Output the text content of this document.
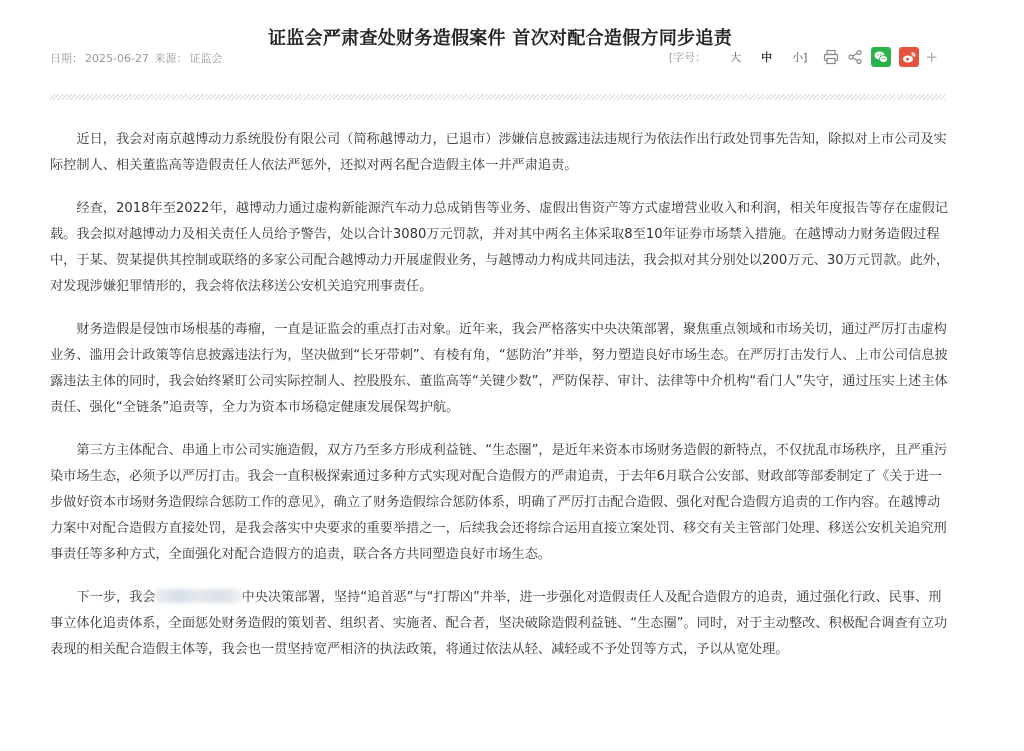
证监会严肃查处财务造假案件 首次对配合造假方同步追责
日期： 2025-06-27 来源： 证监会	[字号： 大 中 小]	+

近日，我会对南京越博动力系统股份有限公司（简称越博动力，已退市）涉嫌信息披露违法违规行为依法作出行政处罚事先告知，除拟对上市公司及实际控制人、相关董监高等造假责任人依法严惩外，还拟对两名配合造假主体一并严肃追责。

经查，2018年至2022年，越博动力通过虚构新能源汽车动力总成销售等业务、虚假出售资产等方式虚增营业收入和利润，相关年度报告等存在虚假记载。我会拟对越博动力及相关责任人员给予警告，处以合计3080万元罚款，并对其中两名主体采取8至10年证券市场禁入措施。在越博动力财务造假过程中，于某、贺某提供其控制或联络的多家公司配合越博动力开展虚假业务，与越博动力构成共同违法，我会拟对其分别处以200万元、30万元罚款。此外，对发现涉嫌犯罪情形的，我会将依法移送公安机关追究刑事责任。

财务造假是侵蚀市场根基的毒瘤，一直是证监会的重点打击对象。近年来，我会严格落实中央决策部署，聚焦重点领域和市场关切，通过严厉打击虚构业务、滥用会计政策等信息披露违法行为，坚决做到“长牙带刺”、有棱有角，“惩防治”并举，努力塑造良好市场生态。在严厉打击发行人、上市公司信息披露违法主体的同时，我会始终紧盯公司实际控制人、控股股东、董监高等“关键少数”，严防保荐、审计、法律等中介机构“看门人”失守，通过压实上述主体责任、强化“全链条”追责等，全力为资本市场稳定健康发展保驾护航。

第三方主体配合、串通上市公司实施造假，双方乃至多方形成利益链、“生态圈”，是近年来资本市场财务造假的新特点，不仅扰乱市场秩序，且严重污染市场生态，必须予以严厉打击。我会一直积极探索通过多种方式实现对配合造假方的严肃追责，于去年6月联合公安部、财政部等部委制定了《关于进一步做好资本市场财务造假综合惩防工作的意见》，确立了财务造假综合惩防体系，明确了严厉打击配合造假、强化对配合造假方追责的工作内容。在越博动力案中对配合造假方直接处罚，是我会落实中央要求的重要举措之一，后续我会还将综合运用直接立案处罚、移交有关主管部门处理、移送公安机关追究刑事责任等多种方式，全面强化对配合造假方的追责，联合各方共同塑造良好市场生态。

下一步，我会	中央决策部署，坚持“追首恶”与“打帮凶”并举，进一步强化对造假责任人及配合造假方的追责，通过强化行政、民事、刑事立体化追责体系，全面惩处财务造假的策划者、组织者、实施者、配合者，坚决破除造假利益链、“生态圈”。同时，对于主动整改、积极配合调查有立功表现的相关配合造假主体等，我会也一贯坚持宽严相济的执法政策，将通过依法从轻、减轻或不予处罚等方式，予以从宽处理。
